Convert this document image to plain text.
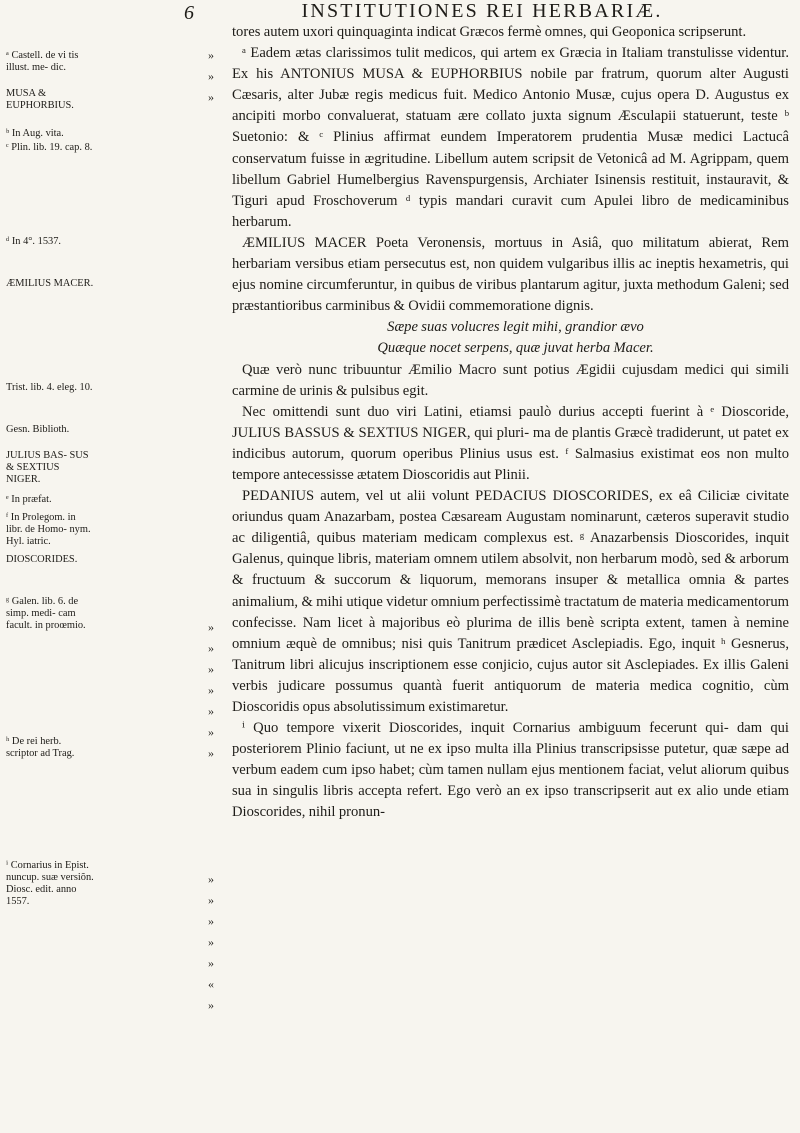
6	INSTITUTIONES REI HERBARIÆ.
ᵃ Castell. de vi tis illust. me- dic.
MUSA & EUPHORBIUS.
ᵇ In Aug. vita.
ᶜ Plin. lib. 19. cap. 8.
ᵈ In 4°. 1537.
ÆMILIUS MACER.
Trist. lib. 4. eleg. 10.
Gesn. Biblioth.
JULIUS BAS- SUS & SEXTIUS NIGER.
ᵉ In præfat.
ᶠ In Prolegom. in libr. de Homo- nym. Hyl. iatric.
DIOSCORIDES.
ᵍ Galen. lib. 6. de simp. medi- cam facult. in proœmio.
ʰ De rei herb. scriptor ad Trag.
ⁱ Cornarius in Epist. nuncup. suæ versiõn. Diosc. edit. anno 1557.
»
»
»
»
»
»
»
»
»
»
»
»
»
»
»
«
»

tores autem uxori quinquaginta indicat Græcos fermè omnes, qui Geoponica scripserunt.

ᵃ Eadem ætas clarissimos tulit medicos, qui artem ex Græcia in Italiam transtulisse videntur. Ex his ANTONIUS MUSA & EUPHORBIUS nobile par fratrum, quorum alter Augusti Cæsaris, alter Jubæ regis medicus fuit. Medico Antonio Musæ, cujus opera D. Augustus ex ancipiti morbo convaluerat, statuam ære collato juxta signum Æsculapii statuerunt, teste ᵇ Suetonio: & ᶜ Plinius affirmat eundem Imperatorem prudentia Musæ medici Lactucâ conservatum fuisse in ægritudine. Libellum autem scripsit de Vetonicâ ad M. Agrippam, quem libellum Gabriel Humelbergius Ravenspurgensis, Archiater Isinensis restituit, instauravit, & Tiguri apud Froschoverum ᵈ typis mandari curavit cum Apulei libro de medicaminibus herbarum.

ÆMILIUS MACER Poeta Veronensis, mortuus in Asiâ, quo militatum abierat, Rem herbariam versibus etiam persecutus est, non quidem vulgaribus illis ac ineptis hexametris, qui ejus nomine circumferuntur, in quibus de viribus plantarum agitur, juxta methodum Galeni; sed præstantioribus carminibus & Ovidii commemoratione dignis.

Sæpe suas volucres legit mihi, grandior ævo

Quæque nocet serpens, quæ juvat herba Macer.

Quæ verò nunc tribuuntur Æmilio Macro sunt potius Ægidii cujusdam medici qui simili carmine de urinis & pulsibus egit.

Nec omittendi sunt duo viri Latini, etiamsi paulò durius accepti fuerint à ᵉ Dioscoride, JULIUS BASSUS & SEXTIUS NIGER, qui pluri- ma de plantis Græcè tradiderunt, ut patet ex indicibus autorum, quorum operibus Plinius usus est. ᶠ Salmasius existimat eos non multo tempore antecessisse ætatem Dioscoridis aut Plinii.

PEDANIUS autem, vel ut alii volunt PEDACIUS DIOSCORIDES, ex eâ Ciliciæ civitate oriundus quam Anazarbam, postea Cæsaream Augustam nominarunt, cæteros superavit studio ac diligentiâ, quibus materiam medicam complexus est. ᵍ Anazarbensis Dioscorides, inquit Galenus, quinque libris, materiam omnem utilem absolvit, non herbarum modò, sed & arborum & fructuum & succorum & liquorum, memorans insuper & metallica omnia & partes animalium, & mihi utique videtur omnium perfectissimè tractatum de materia medicamentorum confecisse. Nam licet à majoribus eò plurima de illis benè scripta extent, tamen à nemine omnium æquè de omnibus; nisi quis Tanitrum prædicet Asclepiadis. Ego, inquit ʰ Gesnerus, Tanitrum libri alicujus inscriptionem esse conjicio, cujus autor sit Asclepiades. Ex illis Galeni verbis judicare possumus quantà fuerit antiquorum de materia medica cognitio, cùm Dioscoridis opus absolutissimum existimaretur.

ⁱ Quo tempore vixerit Dioscorides, inquit Cornarius ambiguum fecerunt qui- dam qui posteriorem Plinio faciunt, ut ne ex ipso multa illa Plinius transcripsisse putetur, quæ sæpe ad verbum eadem cum ipso habet; cùm tamen nullam ejus mentionem faciat, velut aliorum quibus sua in singulis libris accepta refert. Ego verò an ex ipso transcripserit aut ex alio unde etiam Dioscorides, nihil pronun-
